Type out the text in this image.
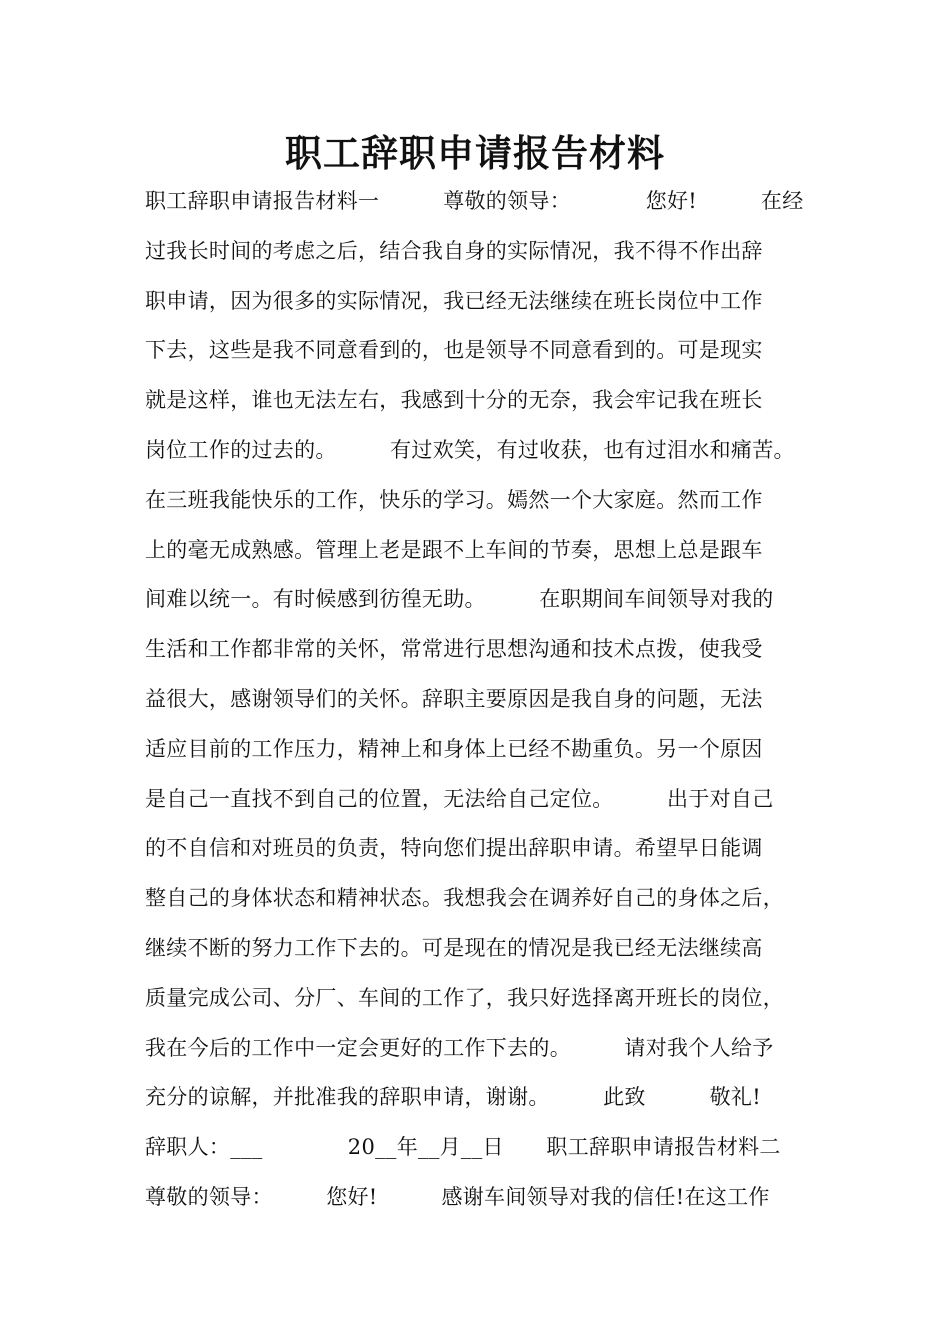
职工辞职申请报告材料
职工辞职申请报告材料一　　　尊敬的领导：　　　　您好!　　　在经
过我长时间的考虑之后，结合我自身的实际情况，我不得不作出辞
职申请，因为很多的实际情况，我已经无法继续在班长岗位中工作
下去，这些是我不同意看到的，也是领导不同意看到的。可是现实
就是这样，谁也无法左右，我感到十分的无奈，我会牢记我在班长
岗位工作的过去的。　　　有过欢笑，有过收获，也有过泪水和痛苦。
在三班我能快乐的工作，快乐的学习。嫣然一个大家庭。然而工作
上的毫无成熟感。管理上老是跟不上车间的节奏，思想上总是跟车
间难以统一。有时候感到彷徨无助。　　　在职期间车间领导对我的
生活和工作都非常的关怀，常常进行思想沟通和技术点拨，使我受
益很大，感谢领导们的关怀。辞职主要原因是我自身的问题，无法
适应目前的工作压力，精神上和身体上已经不勘重负。另一个原因
是自己一直找不到自己的位置，无法给自己定位。　　　出于对自己
的不自信和对班员的负责，特向您们提出辞职申请。希望早日能调
整自己的身体状态和精神状态。我想我会在调养好自己的身体之后，
继续不断的努力工作下去的。可是现在的情况是我已经无法继续高
质量完成公司、分厂、车间的工作了，我只好选择离开班长的岗位，
我在今后的工作中一定会更好的工作下去的。　　　请对我个人给予
充分的谅解，并批准我的辞职申请，谢谢。　　　此致　　　敬礼!
辞职人：___　　　　20__年__月__日　　职工辞职申请报告材料二
尊敬的领导：　　　您好!　　　感谢车间领导对我的信任!在这工作
